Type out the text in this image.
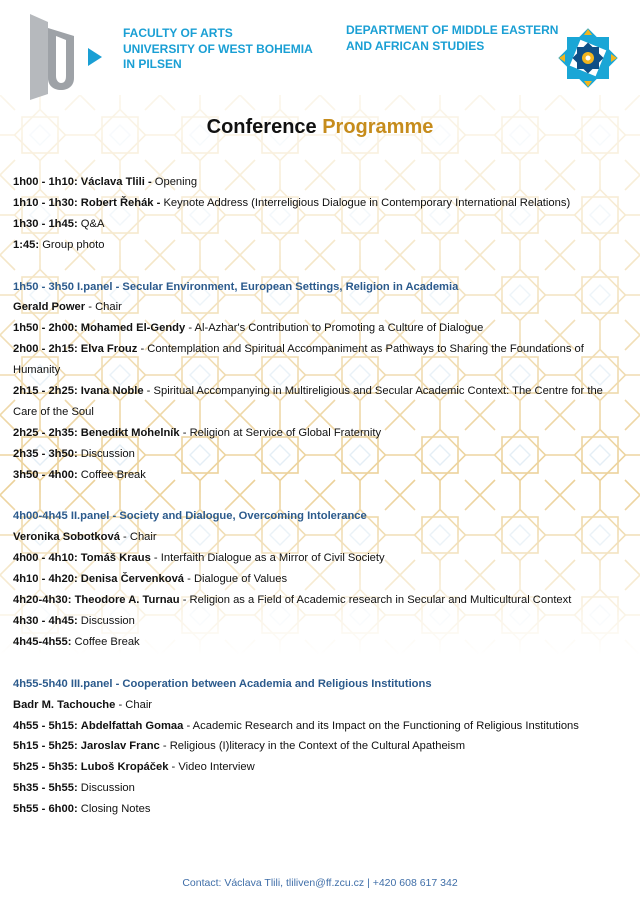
FACULTY OF ARTS
UNIVERSITY OF WEST BOHEMIA
IN PILSEN
DEPARTMENT OF MIDDLE EASTERN
AND AFRICAN STUDIES
Conference Programme

1h00 - 1h10: Václava Tlili - Opening

1h10 - 1h30: Robert Řehák - Keynote Address (Interreligious Dialogue in Contemporary International Relations)

1h30 - 1h45: Q&A

1:45: Group photo

1h50 - 3h50 I.panel - Secular Environment, European Settings, Religion in Academia

Gerald Power - Chair

1h50 - 2h00: Mohamed El-Gendy - Al-Azhar's Contribution to Promoting a Culture of Dialogue

2h00 - 2h15: Elva Frouz - Contemplation and Spiritual Accompaniment as Pathways to Sharing the Foundations of Humanity

2h15 - 2h25: Ivana Noble - Spiritual Accompanying in Multireligious and Secular Academic Context: The Centre for the Care of the Soul

2h25 - 2h35: Benedikt Mohelník - Religion at Service of Global Fraternity

2h35 - 3h50: Discussion

3h50 - 4h00: Coffee Break

4h00-4h45 II.panel - Society and Dialogue, Overcoming Intolerance

Veronika Sobotková - Chair

4h00 - 4h10: Tomáš Kraus - Interfaith Dialogue as a Mirror of Civil Society

4h10 - 4h20: Denisa Červenková - Dialogue of Values

4h20-4h30: Theodore A. Turnau - Religion as a Field of Academic research in Secular and Multicultural Context

4h30 - 4h45: Discussion

4h45-4h55: Coffee Break

4h55-5h40 III.panel - Cooperation between Academia and Religious Institutions

Badr M. Tachouche - Chair

4h55 - 5h15: Abdelfattah Gomaa - Academic Research and its Impact on the Functioning of Religious Institutions

5h15 - 5h25: Jaroslav Franc - Religious (I)literacy in the Context of the Cultural Apatheism

5h25 - 5h35: Luboš Kropáček - Video Interview

5h35 - 5h55: Discussion

5h55 - 6h00: Closing Notes

Contact: Václava Tlili, tliliven@ff.zcu.cz | +420 608 617 342
